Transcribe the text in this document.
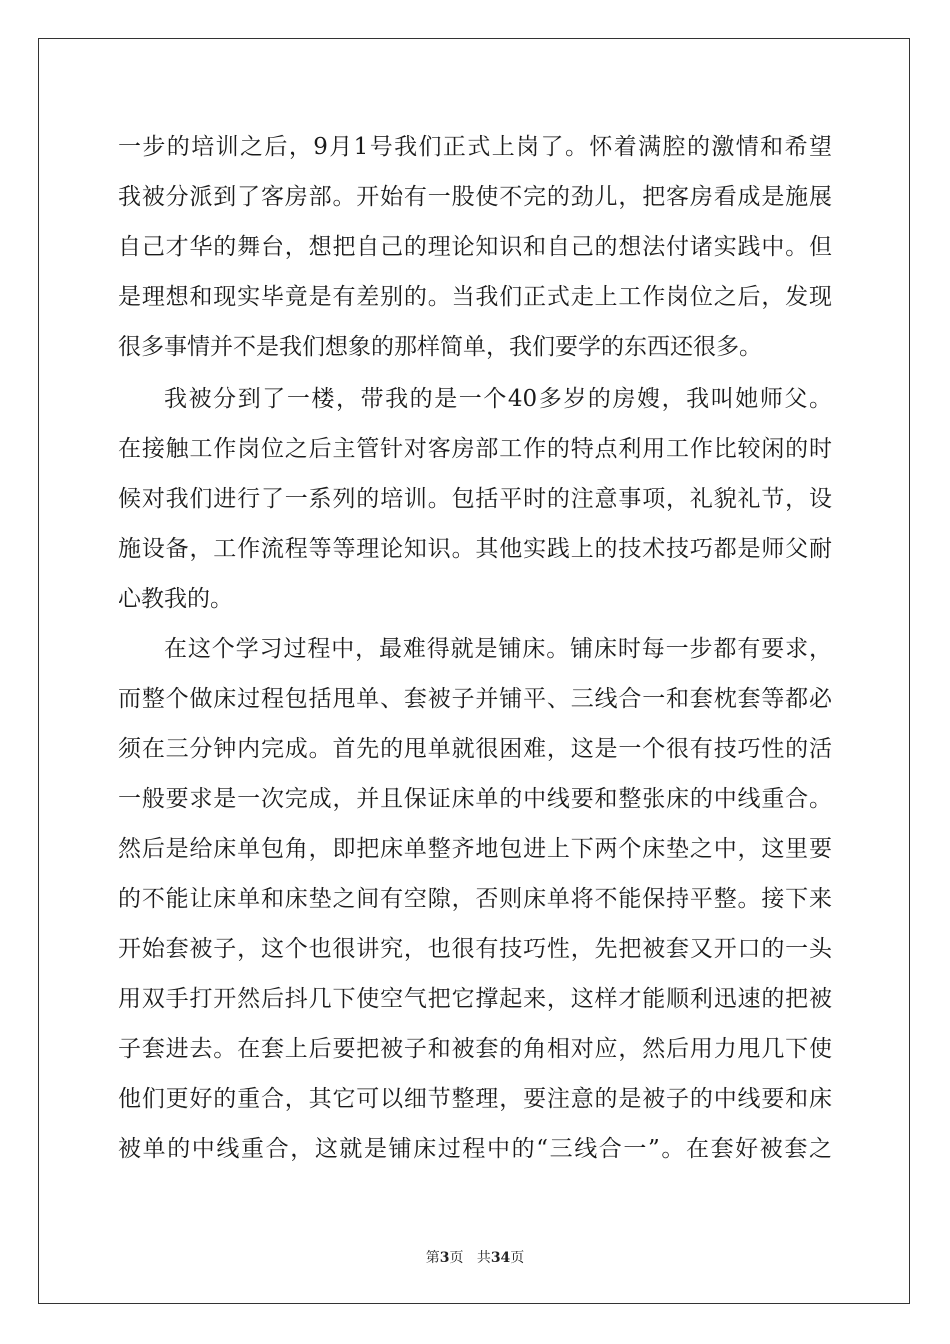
一步的培训之后，9月1号我们正式上岗了。怀着满腔的激情和希望
我被分派到了客房部。开始有一股使不完的劲儿，把客房看成是施展
自己才华的舞台，想把自己的理论知识和自己的想法付诸实践中。但
是理想和现实毕竟是有差别的。当我们正式走上工作岗位之后，发现
很多事情并不是我们想象的那样简单，我们要学的东西还很多。
我被分到了一楼，带我的是一个40多岁的房嫂，我叫她师父。
在接触工作岗位之后主管针对客房部工作的特点利用工作比较闲的时
候对我们进行了一系列的培训。包括平时的注意事项，礼貌礼节，设
施设备，工作流程等等理论知识。其他实践上的技术技巧都是师父耐
心教我的。
在这个学习过程中，最难得就是铺床。铺床时每一步都有要求，
而整个做床过程包括甩单、套被子并铺平、三线合一和套枕套等都必
须在三分钟内完成。首先的甩单就很困难，这是一个很有技巧性的活
一般要求是一次完成，并且保证床单的中线要和整张床的中线重合。
然后是给床单包角，即把床单整齐地包进上下两个床垫之中，这里要
的不能让床单和床垫之间有空隙，否则床单将不能保持平整。接下来
开始套被子，这个也很讲究，也很有技巧性，先把被套又开口的一头
用双手打开然后抖几下使空气把它撑起来，这样才能顺利迅速的把被
子套进去。在套上后要把被子和被套的角相对应，然后用力甩几下使
他们更好的重合，其它可以细节整理，要注意的是被子的中线要和床
被单的中线重合，这就是铺床过程中的“三线合一”。在套好被套之
第3页 共34页
